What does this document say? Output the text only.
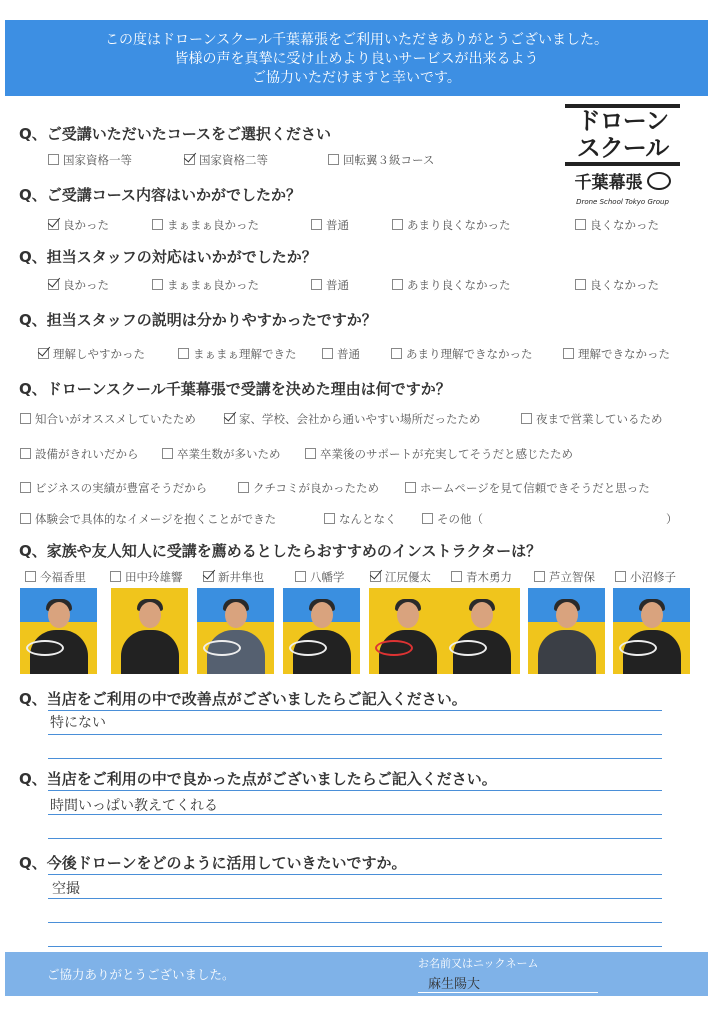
この度はドローンスクール千葉幕張をご利用いただきありがとうございました。
皆様の声を真摯に受け止めより良いサービスが出来るよう
ご協力いただけますと幸いです。
ドローン
スクール
千葉幕張
Drone School Tokyo Group
Q、ご受講いただいたコースをご選択ください
国家資格一等	国家資格二等	回転翼３級コース
Q、ご受講コース内容はいかがでしたか？
良かった	まぁまぁ良かった	普通	あまり良くなかった	良くなかった
Q、担当スタッフの対応はいかがでしたか？
良かった	まぁまぁ良かった	普通	あまり良くなかった	良くなかった
Q、担当スタッフの説明は分かりやすかったですか？
理解しやすかった	まぁまぁ理解できた	普通	あまり理解できなかった	理解できなかった
Q、ドローンスクール千葉幕張で受講を決めた理由は何ですか？
知合いがオススメしていたため	家、学校、会社から通いやすい場所だったため	夜まで営業しているため
設備がきれいだから	卒業生数が多いため	卒業後のサポートが充実してそうだと感じたため
ビジネスの実績が豊富そうだから	クチコミが良かったため	ホームページを見て信頼できそうだと思った
体験会で具体的なイメージを抱くことができた	なんとなく	その他（	）
Q、家族や友人知人に受講を薦めるとしたらおすすめのインストラクターは？
今福香里	田中玲雄響	新井隼也	八幡学	江尻優太	青木勇力	芦立智保	小沼修子
Q、当店をご利用の中で改善点がございましたらご記入ください。
特にない
Q、当店をご利用の中で良かった点がございましたらご記入ください。
時間いっぱい教えてくれる
Q、今後ドローンをどのように活用していきたいですか。
空撮
ご協力ありがとうございました。
お名前又はニックネーム
麻生陽大
